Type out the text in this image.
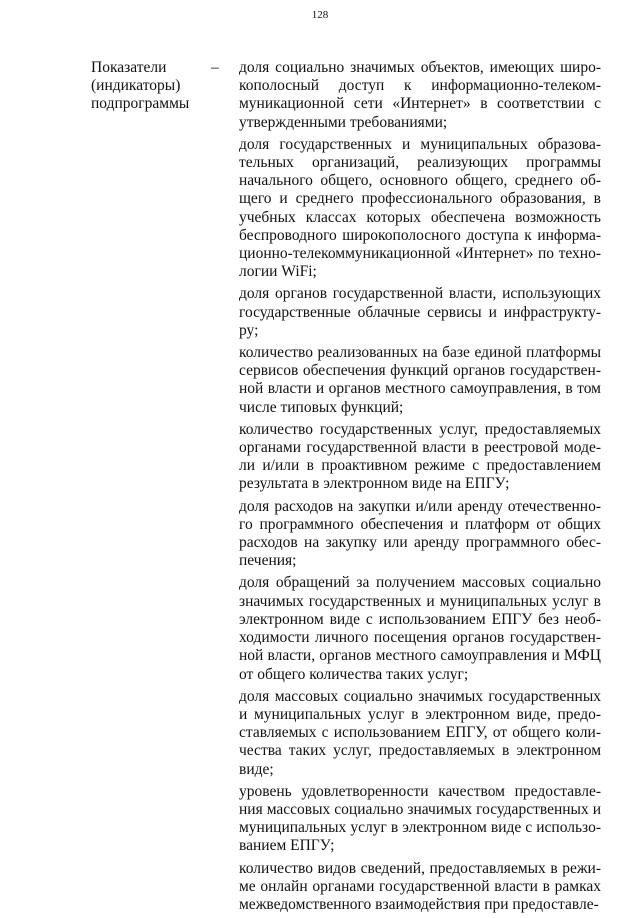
128
Показатели
(индикаторы)
подпрограммы
–	доля социально значимых объектов, имеющих широ-
кополосный доступ к информационно-телеком-
муникационной сети «Интернет» в соответствии с
утвержденными требованиями;
доля государственных и муниципальных образова-
тельных организаций, реализующих программы
начального общего, основного общего, среднего об-
щего и среднего профессионального образования, в
учебных классах которых обеспечена возможность
беспроводного широкополосного доступа к информа-
ционно-телекоммуникационной «Интернет» по техно-
логии WiFi;
доля органов государственной власти, использующих
государственные облачные сервисы и инфраструкту-
ру;
количество реализованных на базе единой платформы
сервисов обеспечения функций органов государствен-
ной власти и органов местного самоуправления, в том
числе типовых функций;
количество государственных услуг, предоставляемых
органами государственной власти в реестровой моде-
ли и/или в проактивном режиме с предоставлением
результата в электронном виде на ЕПГУ;
доля расходов на закупки и/или аренду отечественно-
го программного обеспечения и платформ от общих
расходов на закупку или аренду программного обес-
печения;
доля обращений за получением массовых социально
значимых государственных и муниципальных услуг в
электронном виде с использованием ЕПГУ без необ-
ходимости личного посещения органов государствен-
ной власти, органов местного самоуправления и МФЦ
от общего количества таких услуг;
доля массовых социально значимых государственных
и муниципальных услуг в электронном виде, предо-
ставляемых с использованием ЕПГУ, от общего коли-
чества таких услуг, предоставляемых в электронном
виде;
уровень удовлетворенности качеством предоставле-
ния массовых социально значимых государственных и
муниципальных услуг в электронном виде с использо-
ванием ЕПГУ;
количество видов сведений, предоставляемых в режи-
ме онлайн органами государственной власти в рамках
межведомственного взаимодействия при предоставле-
